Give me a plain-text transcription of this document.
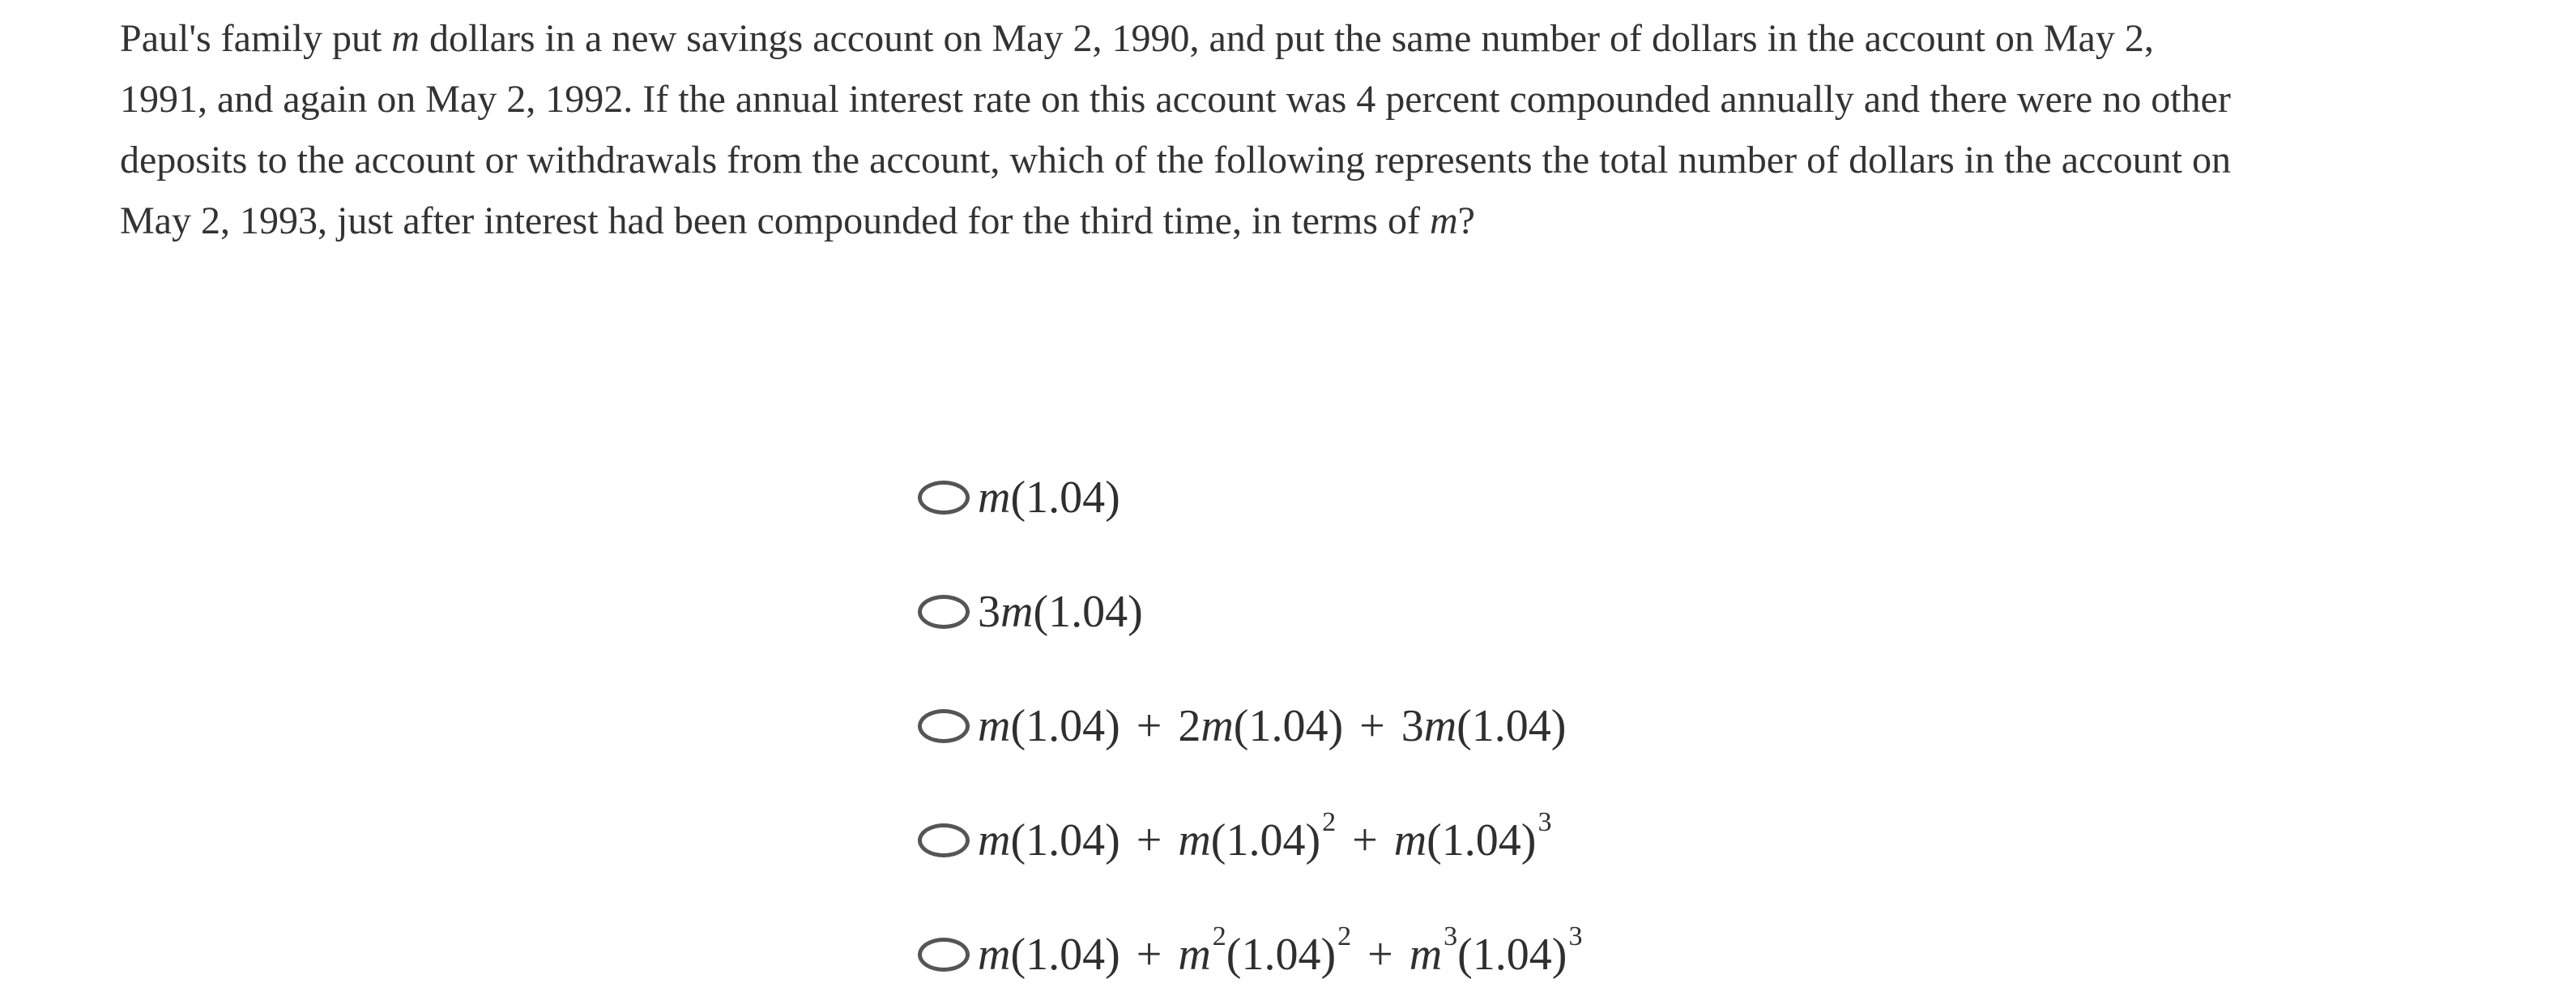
Paul's family put m dollars in a new savings account on May 2, 1990, and put the same number of dollars in the account on May 2,
1991, and again on May 2, 1992. If the annual interest rate on this account was 4 percent compounded annually and there were no other
deposits to the account or withdrawals from the account, which of the following represents the total number of dollars in the account on
May 2, 1993, just after interest had been compounded for the third time, in terms of m?
m(1.04)
3m(1.04)
m(1.04) + 2m(1.04) + 3m(1.04)
$m(1.04) + m(1.04)^2 + m(1.04)^3$
$m(1.04) + m^2(1.04)^2 + m^3(1.04)^3$
